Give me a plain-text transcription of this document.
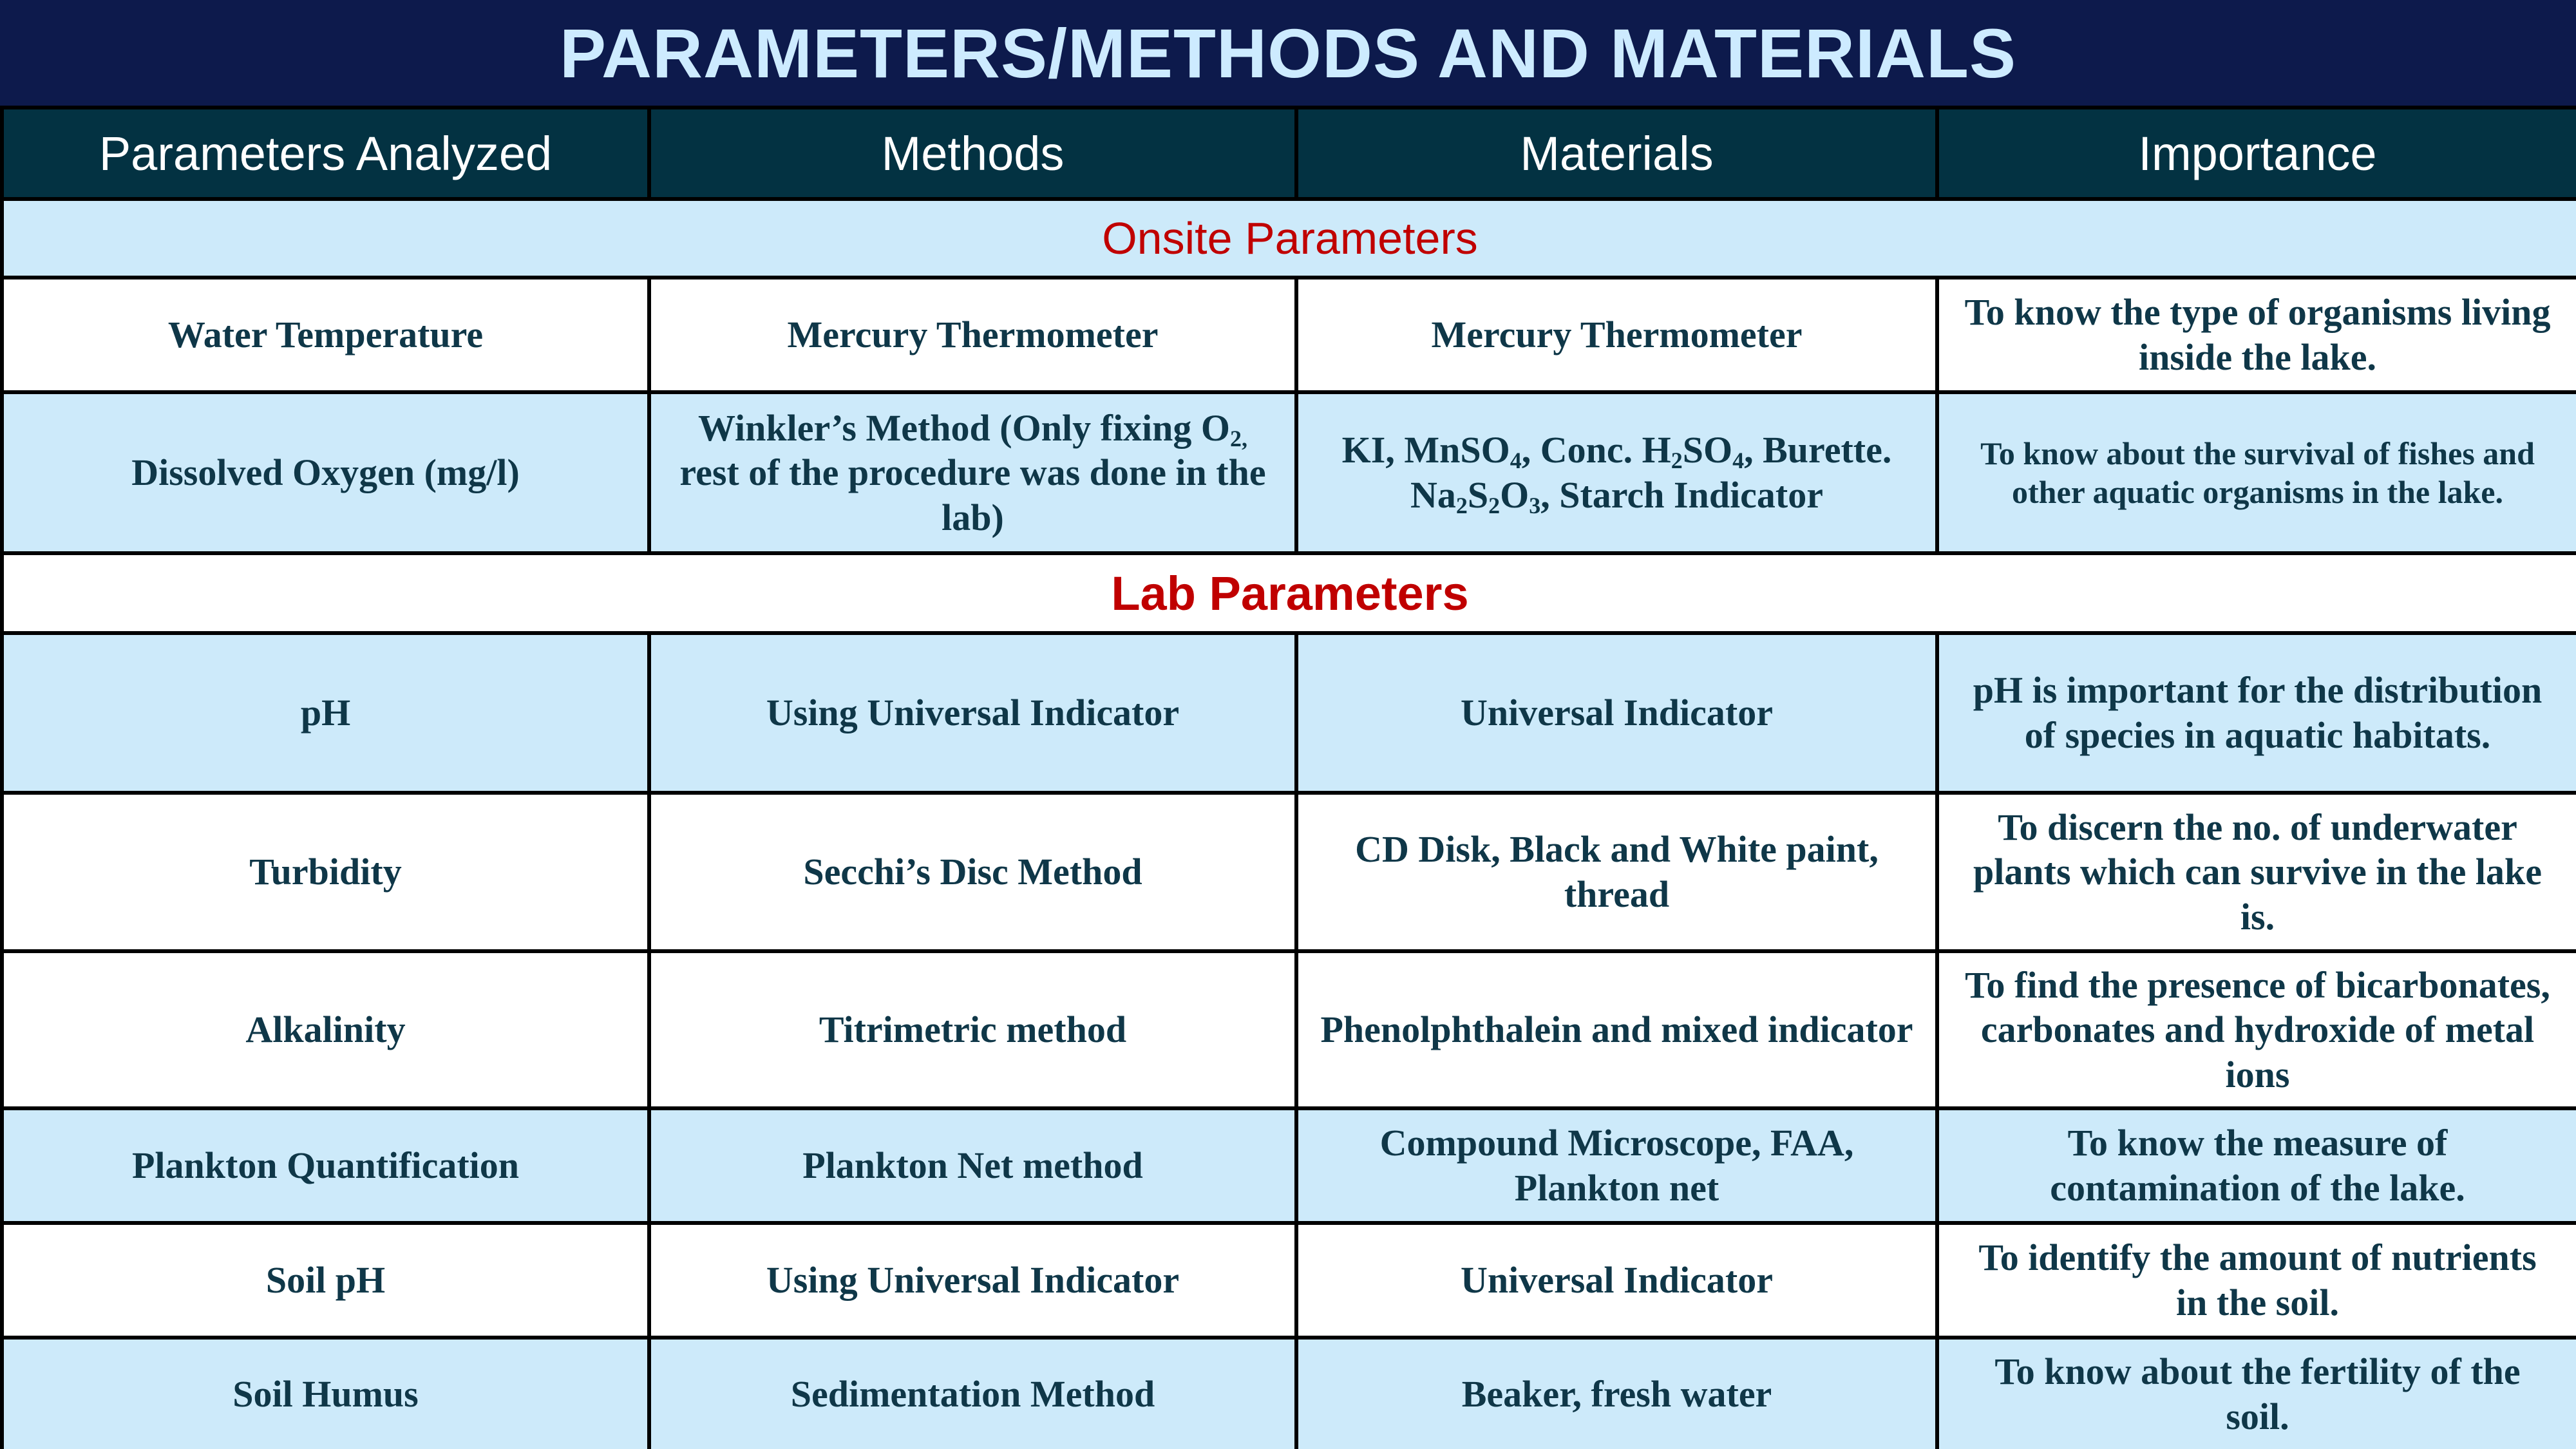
PARAMETERS/METHODS AND MATERIALS
Parameters Analyzed	Methods	Materials	Importance
Onsite Parameters			
Water Temperature	Mercury Thermometer	Mercury Thermometer	To know the type of organisms living inside the lake.
Dissolved Oxygen (mg/l)	Winkler’s Method (Only fixing $O_{2,}$ rest of the procedure was done in the lab)	KI, MnSO$_4$, Conc. $H_2SO_4$, Burette. $Na_2S_2O_3$, Starch Indicator	To know about the survival of fishes and other aquatic organisms in the lake.
Lab Parameters			
pH	Using Universal Indicator	Universal Indicator	pH is important for the distribution of species in aquatic habitats.
Turbidity	Secchi’s Disc Method	CD Disk, Black and White paint, thread	To discern the no. of underwater plants which can survive in the lake is.
Alkalinity	Titrimetric method	Phenolphthalein and mixed indicator	To find the presence of bicarbonates, carbonates and hydroxide of metal ions
Plankton Quantification	Plankton Net method	Compound Microscope, FAA, Plankton net	To know the measure of contamination of the lake.
Soil pH	Using Universal Indicator	Universal Indicator	To identify the amount of nutrients in the soil.
Soil Humus	Sedimentation Method	Beaker, fresh water	To know about the fertility of the soil.
